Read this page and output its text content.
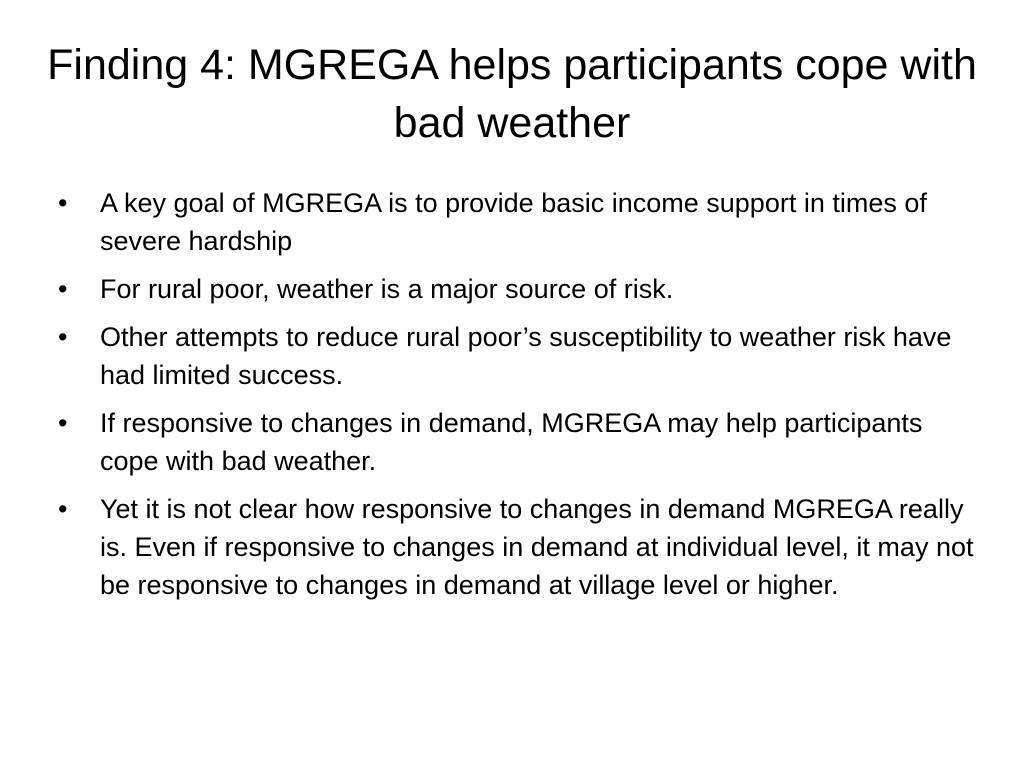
Finding 4: MGREGA helps participants cope with bad weather
• A key goal of MGREGA is to provide basic income support in times of severe hardship
• For rural poor, weather is a major source of risk.
• Other attempts to reduce rural poor’s susceptibility to weather risk have had limited success.
• If responsive to changes in demand, MGREGA may help participants cope with bad weather.
• Yet it is not clear how responsive to changes in demand MGREGA really is. Even if responsive to changes in demand at individual level, it may not be responsive to changes in demand at village level or higher.
